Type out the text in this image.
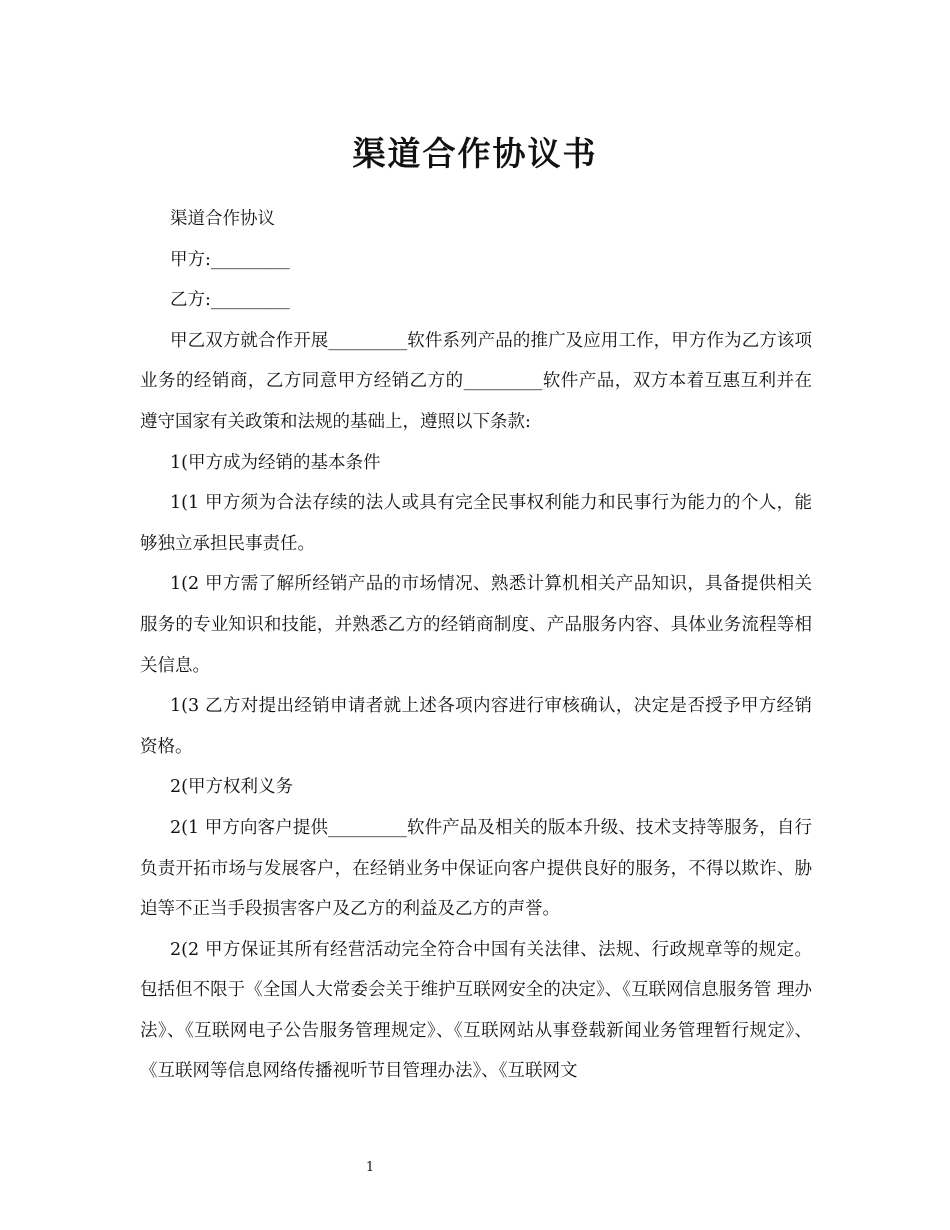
渠道合作协议书

渠道合作协议

甲方:_________

乙方:_________

甲乙双方就合作开展_________软件系列产品的推广及应用工作，甲方作为乙方该项业务的经销商，乙方同意甲方经销乙方的_________软件产品，双方本着互惠互利并在遵守国家有关政策和法规的基础上，遵照以下条款:

1(甲方成为经销的基本条件

1(1 甲方须为合法存续的法人或具有完全民事权利能力和民事行为能力的个人，能够独立承担民事责任。

1(2 甲方需了解所经销产品的市场情况、熟悉计算机相关产品知识，具备提供相关服务的专业知识和技能，并熟悉乙方的经销商制度、产品服务内容、具体业务流程等相关信息。

1(3 乙方对提出经销申请者就上述各项内容进行审核确认，决定是否授予甲方经销资格。

2(甲方权利义务

2(1 甲方向客户提供_________软件产品及相关的版本升级、技术支持等服务，自行负责开拓市场与发展客户，在经销业务中保证向客户提供良好的服务，不得以欺诈、胁迫等不正当手段损害客户及乙方的利益及乙方的声誉。

2(2 甲方保证其所有经营活动完全符合中国有关法律、法规、行政规章等的规定。包括但不限于《全国人大常委会关于维护互联网安全的决定》、《互联网信息服务管 理办法》、《互联网电子公告服务管理规定》、《互联网站从事登载新闻业务管理暂行规定》、《互联网等信息网络传播视听节目管理办法》、《互联网文

1
